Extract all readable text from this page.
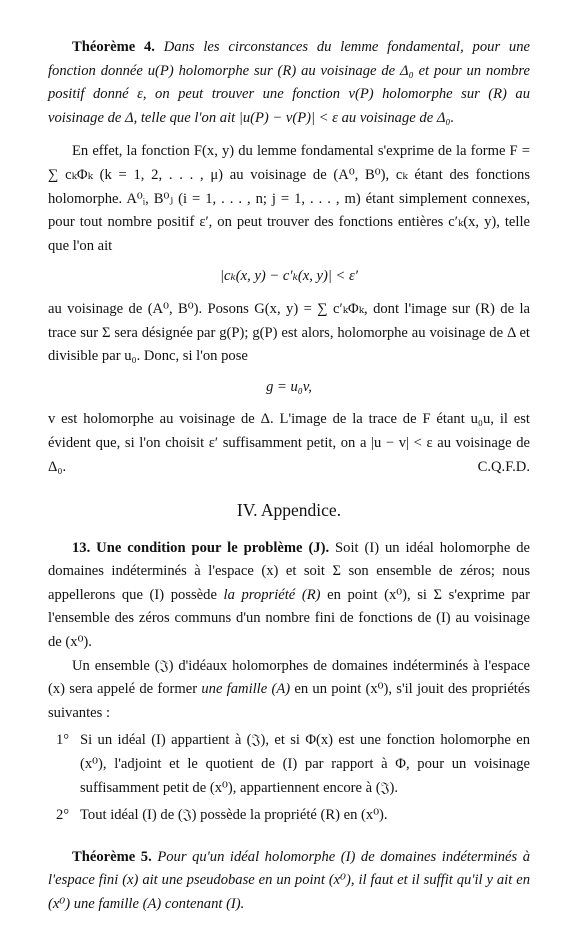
Théorème 4. Dans les circonstances du lemme fondamental, pour une fonction donnée u(P) holomorphe sur (R) au voisinage de Δ₀ et pour un nombre positif donné ε, on peut trouver une fonction v(P) holomorphe sur (R) au voisinage de Δ, telle que l'on ait |u(P) − v(P)| < ε au voisinage de Δ₀.

En effet, la fonction F(x, y) du lemme fondamental s'exprime de la forme F = ∑ cₖΦₖ (k = 1, 2, . . . , μ) au voisinage de (A⁰, B⁰), cₖ étant des fonctions holomorphe. A⁰ᵢ, B⁰ⱼ (i = 1, . . . , n; j = 1, . . . , m) étant simplement connexes, pour tout nombre positif ε′, on peut trouver des fonctions entières c′ₖ(x, y), telle que l'on ait

|cₖ(x, y) − c′ₖ(x, y)| < ε′

au voisinage de (A⁰, B⁰). Posons G(x, y) = ∑ c′ₖΦₖ, dont l'image sur (R) de la trace sur Σ sera désignée par g(P); g(P) est alors, holomorphe au voisinage de Δ et divisible par u₀. Donc, si l'on pose

g = u₀v,

v est holomorphe au voisinage de Δ. L'image de la trace de F étant u₀u, il est évident que, si l'on choisit ε′ suffisamment petit, on a |u − v| < ε au voisinage de Δ₀.	C.Q.F.D.

IV. Appendice.

13. Une condition pour le problème (J). Soit (I) un idéal holomorphe de domaines indéterminés à l'espace (x) et soit Σ son ensemble de zéros; nous appellerons que (I) possède la propriété (R) en point (x⁰), si Σ s'exprime par l'ensemble des zéros communs d'un nombre fini de fonctions de (I) au voisinage de (x⁰).

Un ensemble (𝔍) d'idéaux holomorphes de domaines indéterminés à l'espace (x) sera appelé de former une famille (A) en un point (x⁰), s'il jouit des propriétés suivantes :

1° Si un idéal (I) appartient à (𝔍), et si Φ(x) est une fonction holomorphe en (x⁰), l'adjoint et le quotient de (I) par rapport à Φ, pour un voisinage suffisamment petit de (x⁰), appartiennent encore à (𝔍).
2° Tout idéal (I) de (𝔍) possède la propriété (R) en (x⁰).

Théorème 5. Pour qu'un idéal holomorphe (I) de domaines indéterminés à l'espace fini (x) ait une pseudobase en un point (x⁰), il faut et il suffit qu'il y ait en (x⁰) une famille (A) contenant (I).
